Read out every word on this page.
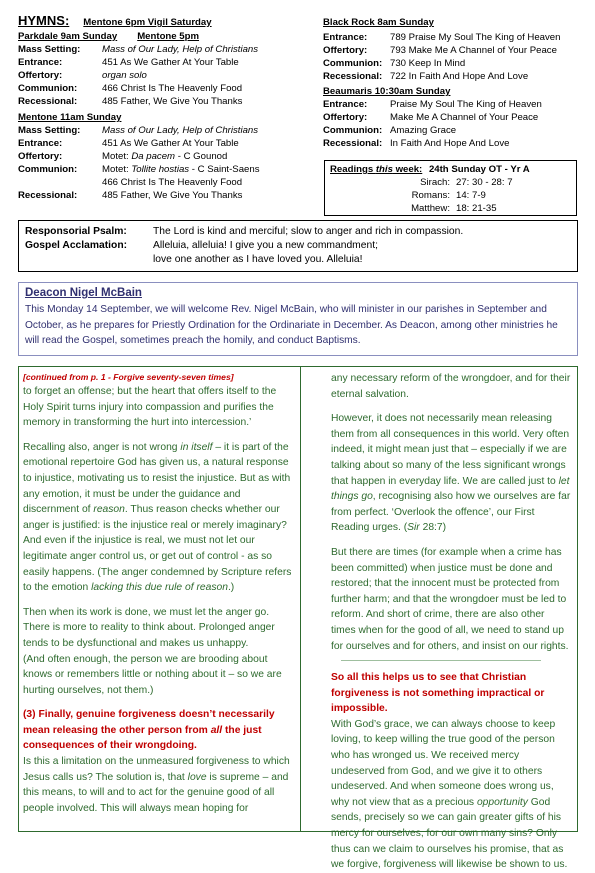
HYMNS: Mentone 6pm Vigil Saturday
Parkdale 9am Sunday Mentone 5pm
Mass Setting:	Mass of Our Lady, Help of Christians
Entrance:	451 As We Gather At Your Table
Offertory:	organ solo
Communion:	466 Christ Is The Heavenly Food
Recessional:	485 Father, We Give You Thanks
Mentone 11am Sunday
Mass Setting:	Mass of Our Lady, Help of Christians
Entrance:	451 As We Gather At Your Table
Offertory:	Motet: Da pacem - C Gounod
Communion:	Motet: Tollite hostias - C Saint-Saens
466 Christ Is The Heavenly Food
Recessional:	485 Father, We Give You Thanks
Black Rock 8am Sunday
Entrance:	789 Praise My Soul The King of Heaven
Offertory:	793 Make Me A Channel of Your Peace
Communion: 730 Keep In Mind
Recessional: 722 In Faith And Hope And Love
Beaumaris 10:30am Sunday
Entrance:	Praise My Soul The King of Heaven
Offertory:	Make Me A Channel of Your Peace
Communion: Amazing Grace
Recessional: In Faith And Hope And Love
Readings this week: 24th Sunday OT - Yr A
Sirach: 27: 30 - 28: 7
Romans: 14: 7-9
Matthew: 18: 21-35
Responsorial Psalm:	The Lord is kind and merciful; slow to anger and rich in compassion.
Gospel Acclamation:	Alleluia, alleluia! I give you a new commandment;
love one another as I have loved you. Alleluia!
Deacon Nigel McBain
This Monday 14 September, we will welcome Rev. Nigel McBain, who will minister in our parishes in September and October, as he prepares for Priestly Ordination for the Ordinariate in December. As Deacon, among other ministries he will read the Gospel, sometimes preach the homily, and conduct Baptisms.
[continued from p. 1 - Forgive seventy-seven times]

to forget an offense; but the heart that offers itself to the Holy Spirit turns injury into compassion and purifies the memory in transforming the hurt into intercession.’

Recalling also, anger is not wrong in itself – it is part of the emotional repertoire God has given us, a natural response to injustice, motivating us to resist the injustice. But as with any emotion, it must be under the guidance and discernment of reason. Thus reason checks whether our anger is justified: is the injustice real or merely imaginary? And even if the injustice is real, we must not let our legitimate anger control us, or get out of control - as so easily happens. (The anger condemned by Scripture refers to the emotion lacking this due rule of reason.)

Then when its work is done, we must let the anger go. There is more to reality to think about. Prolonged anger tends to be dysfunctional and makes us unhappy.

(And often enough, the person we are brooding about knows or remembers little or nothing about it – so we are hurting ourselves, not them.)

(3) Finally, genuine forgiveness doesn’t necessarily mean releasing the other person from all the just consequences of their wrongdoing.

Is this a limitation on the unmeasured forgiveness to which Jesus calls us? The solution is, that love is supreme – and this means, to will and to act for the genuine good of all people involved. This will always mean hoping for

any necessary reform of the wrongdoer, and for their eternal salvation.

However, it does not necessarily mean releasing them from all consequences in this world. Very often indeed, it might mean just that – especially if we are talking about so many of the less significant wrongs that happen in everyday life. We are called just to let things go, recognising also how we ourselves are far from perfect. ‘Overlook the offence’, our First Reading urges. (Sir 28:7)

But there are times (for example when a crime has been committed) when justice must be done and restored; that the innocent must be protected from further harm; and that the wrongdoer must be led to reform. And short of crime, there are also other times when for the good of all, we need to stand up for ourselves and for others, and insist on our rights.

So all this helps us to see that Christian forgiveness is not something impractical or impossible.

With God’s grace, we can always choose to keep loving, to keep willing the true good of the person who has wronged us. We received mercy undeserved from God, and we give it to others undeserved. And when someone does wrong us, why not view that as a precious opportunity God sends, precisely so we can gain greater gifts of his mercy for ourselves, for our own many sins? Only thus can we claim to ourselves his promise, that as we forgive, forgiveness will likewise be shown to us.
